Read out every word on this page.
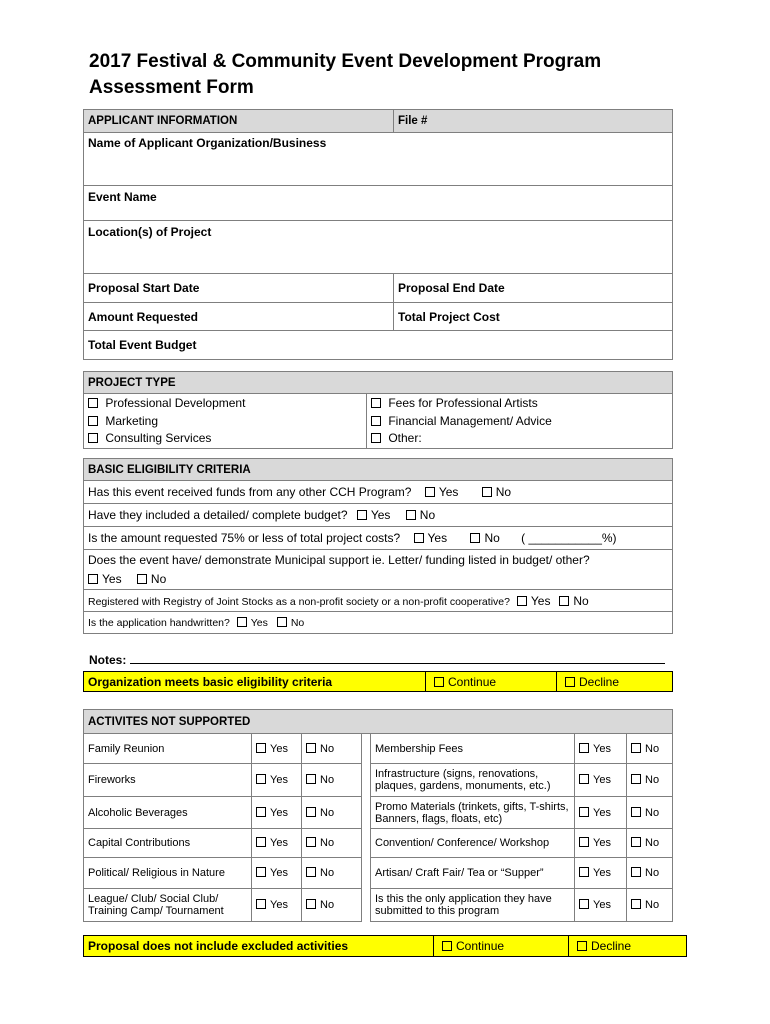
2017 Festival & Community Event Development Program
Assessment Form
APPLICANT INFORMATION	File #
Name of Applicant Organization/Business	
Event Name	
Location(s) of Project	
Proposal Start Date	Proposal End Date
Amount Requested	Total Project Cost
Total Event Budget	
PROJECT TYPE

Professional Development
Marketing
Consulting Services

Fees for Professional Artists
Financial Management/ Advice
Other:
BASIC ELIGIBILITY CRITERIA
Has this event received funds from any other CCH Program? Yes	No
Have they included a detailed/ complete budget? Yes No
Is the amount requested 75% or less of total project costs? Yes	No ( ___________%)

Does the event have/ demonstrate Municipal support ie. Letter/ funding listed in budget/ other?
Yes No

Registered with Registry of Joint Stocks as a non-profit society or a non-profit cooperative? Yes No
Is the application handwritten? Yes No
Notes:
Organization meets basic eligibility criteria	Continue	Decline
ACTIVITES NOT SUPPORTED
Family Reunion	Yes	No		Membership Fees	Yes	No
Fireworks	Yes	No		Infrastructure (signs, renovations, plaques, gardens, monuments, etc.)	Yes	No
Alcoholic Beverages	Yes	No		Promo Materials (trinkets, gifts, T-shirts, Banners, flags, floats, etc)	Yes	No
Capital Contributions	Yes	No		Convention/ Conference/ Workshop	Yes	No
Political/ Religious in Nature	Yes	No		Artisan/ Craft Fair/ Tea or “Supper”	Yes	No
League/ Club/ Social Club/ Training Camp/ Tournament	Yes	No		Is this the only application they have submitted to this program	Yes	No
Proposal does not include excluded activities	Continue	Decline
